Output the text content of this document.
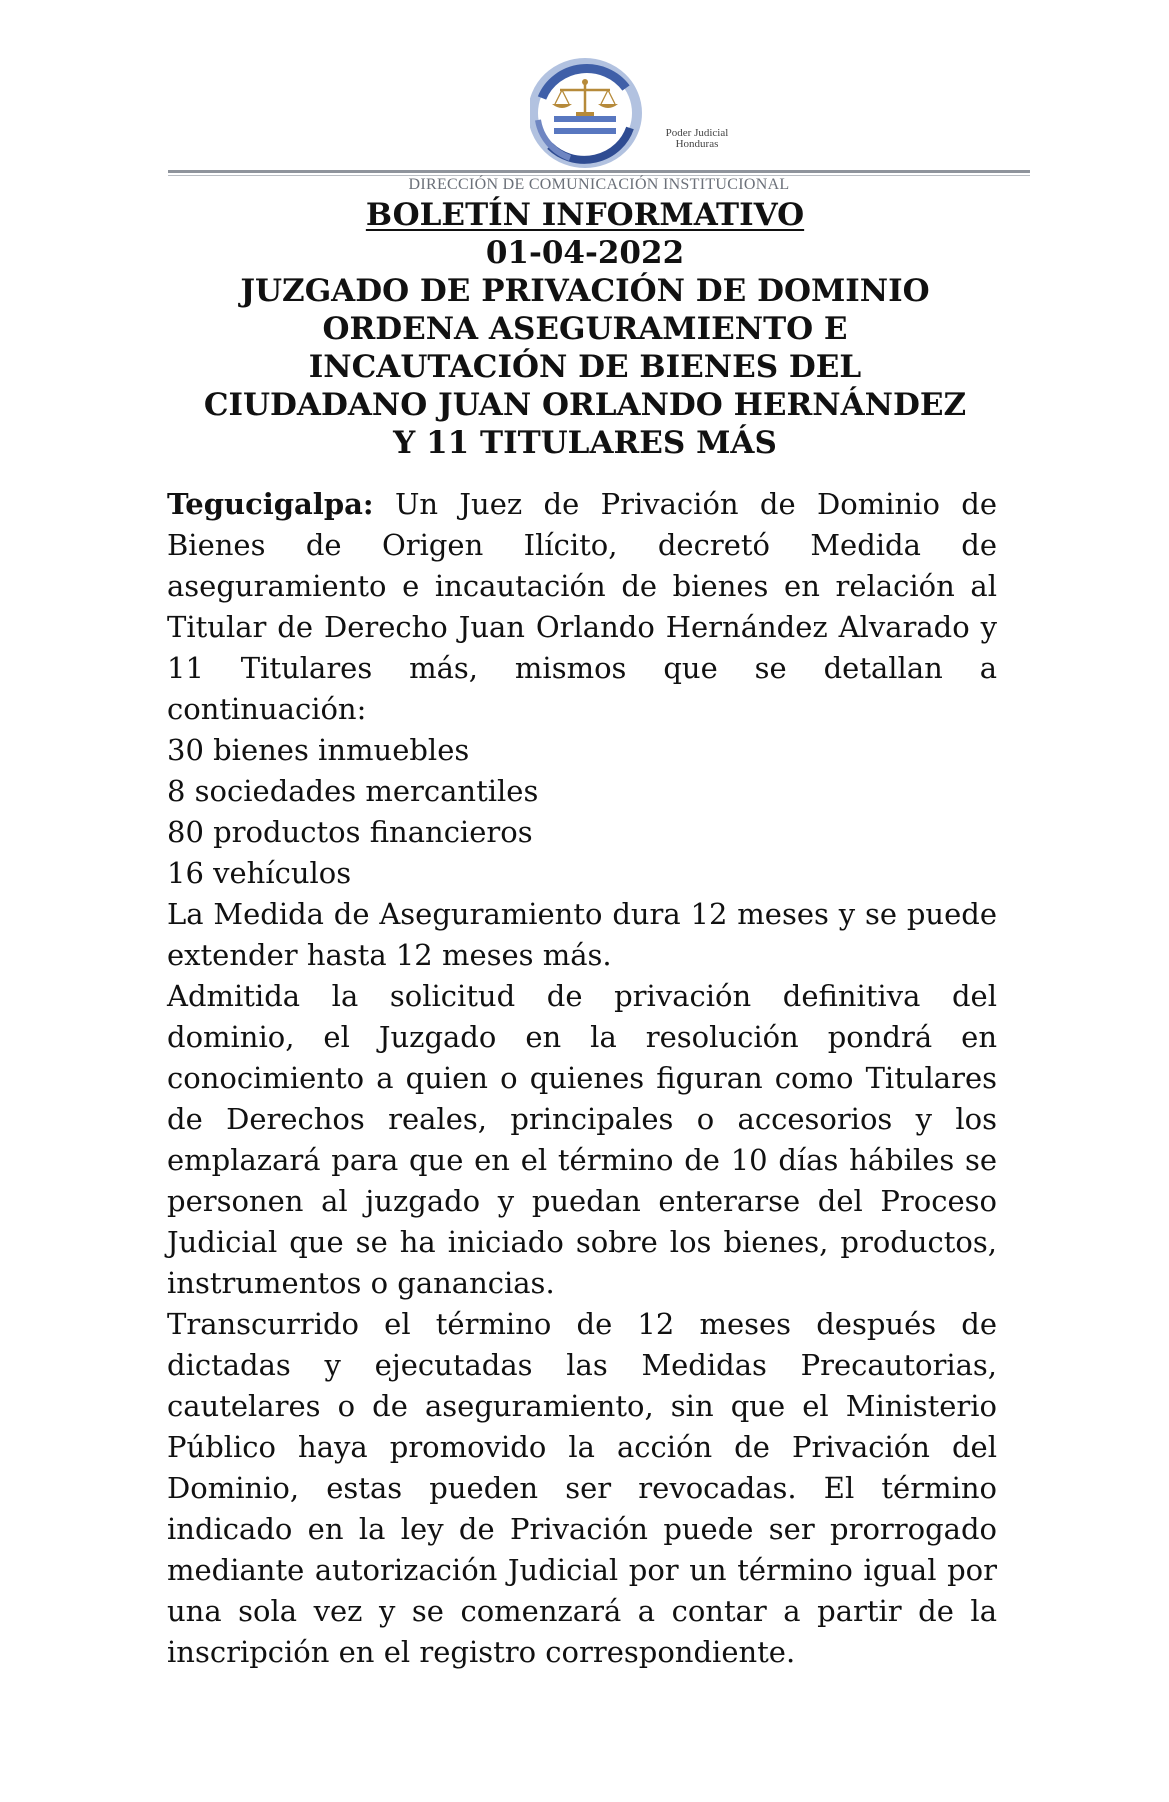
Poder Judicial
Honduras
DIRECCIÓN DE COMUNICACIÓN INSTITUCIONAL
BOLETÍN INFORMATIVO
01-04-2022
JUZGADO DE PRIVACIÓN DE DOMINIO
ORDENA ASEGURAMIENTO E
INCAUTACIÓN DE BIENES DEL
CIUDADANO JUAN ORLANDO HERNÁNDEZ
Y 11 TITULARES MÁS

Tegucigalpa: Un Juez de Privación de Dominio de Bienes de Origen Ilícito, decretó Medida de aseguramiento e incautación de bienes en relación al Titular de Derecho Juan Orlando Hernández Alvarado y 11 Titulares más, mismos que se detallan a continuación:

30 bienes inmuebles

8 sociedades mercantiles

80 productos financieros

16 vehículos

La Medida de Aseguramiento dura 12 meses y se puede extender hasta 12 meses más.

Admitida la solicitud de privación definitiva del dominio, el Juzgado en la resolución pondrá en conocimiento a quien o quienes figuran como Titulares de Derechos reales, principales o accesorios y los emplazará para que en el término de 10 días hábiles se personen al juzgado y puedan enterarse del Proceso Judicial que se ha iniciado sobre los bienes, productos, instrumentos o ganancias.

Transcurrido el término de 12 meses después de dictadas y ejecutadas las Medidas Precautorias, cautelares o de aseguramiento, sin que el Ministerio Público haya promovido la acción de Privación del Dominio, estas pueden ser revocadas. El término indicado en la ley de Privación puede ser prorrogado mediante autorización Judicial por un término igual por una sola vez y se comenzará a contar a partir de la inscripción en el registro correspondiente.
